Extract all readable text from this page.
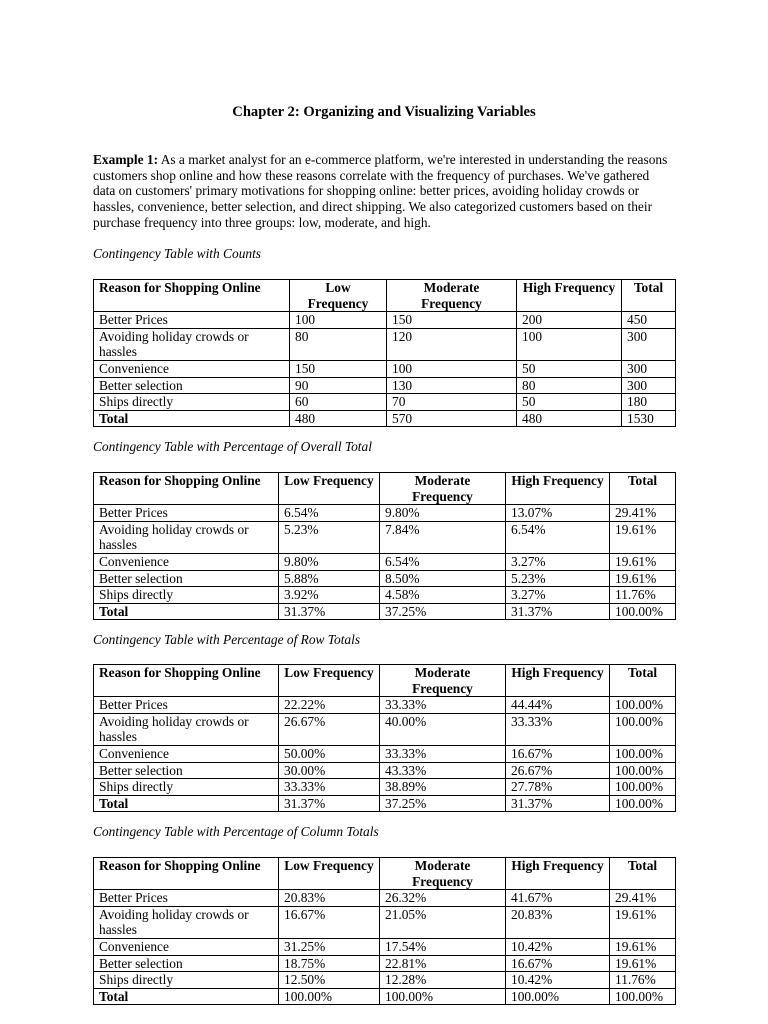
Chapter 2: Organizing and Visualizing Variables
Example 1: As a market analyst for an e-commerce platform, we're interested in understanding the reasons customers shop online and how these reasons correlate with the frequency of purchases. We've gathered data on customers' primary motivations for shopping online: better prices, avoiding holiday crowds or hassles, convenience, better selection, and direct shipping. We also categorized customers based on their purchase frequency into three groups: low, moderate, and high.
Contingency Table with Counts
Reason for Shopping Online	Low Frequency	Moderate Frequency	High Frequency	Total
Better Prices	100	150	200	450
Avoiding holiday crowds or hassles	80	120	100	300
Convenience	150	100	50	300
Better selection	90	130	80	300
Ships directly	60	70	50	180
Total	480	570	480	1530
Contingency Table with Percentage of Overall Total
Reason for Shopping Online	Low Frequency	Moderate Frequency	High Frequency	Total
Better Prices	6.54%	9.80%	13.07%	29.41%
Avoiding holiday crowds or hassles	5.23%	7.84%	6.54%	19.61%
Convenience	9.80%	6.54%	3.27%	19.61%
Better selection	5.88%	8.50%	5.23%	19.61%
Ships directly	3.92%	4.58%	3.27%	11.76%
Total	31.37%	37.25%	31.37%	100.00%
Contingency Table with Percentage of Row Totals
Reason for Shopping Online	Low Frequency	Moderate Frequency	High Frequency	Total
Better Prices	22.22%	33.33%	44.44%	100.00%
Avoiding holiday crowds or hassles	26.67%	40.00%	33.33%	100.00%
Convenience	50.00%	33.33%	16.67%	100.00%
Better selection	30.00%	43.33%	26.67%	100.00%
Ships directly	33.33%	38.89%	27.78%	100.00%
Total	31.37%	37.25%	31.37%	100.00%
Contingency Table with Percentage of Column Totals
Reason for Shopping Online	Low Frequency	Moderate Frequency	High Frequency	Total
Better Prices	20.83%	26.32%	41.67%	29.41%
Avoiding holiday crowds or hassles	16.67%	21.05%	20.83%	19.61%
Convenience	31.25%	17.54%	10.42%	19.61%
Better selection	18.75%	22.81%	16.67%	19.61%
Ships directly	12.50%	12.28%	10.42%	11.76%
Total	100.00%	100.00%	100.00%	100.00%
